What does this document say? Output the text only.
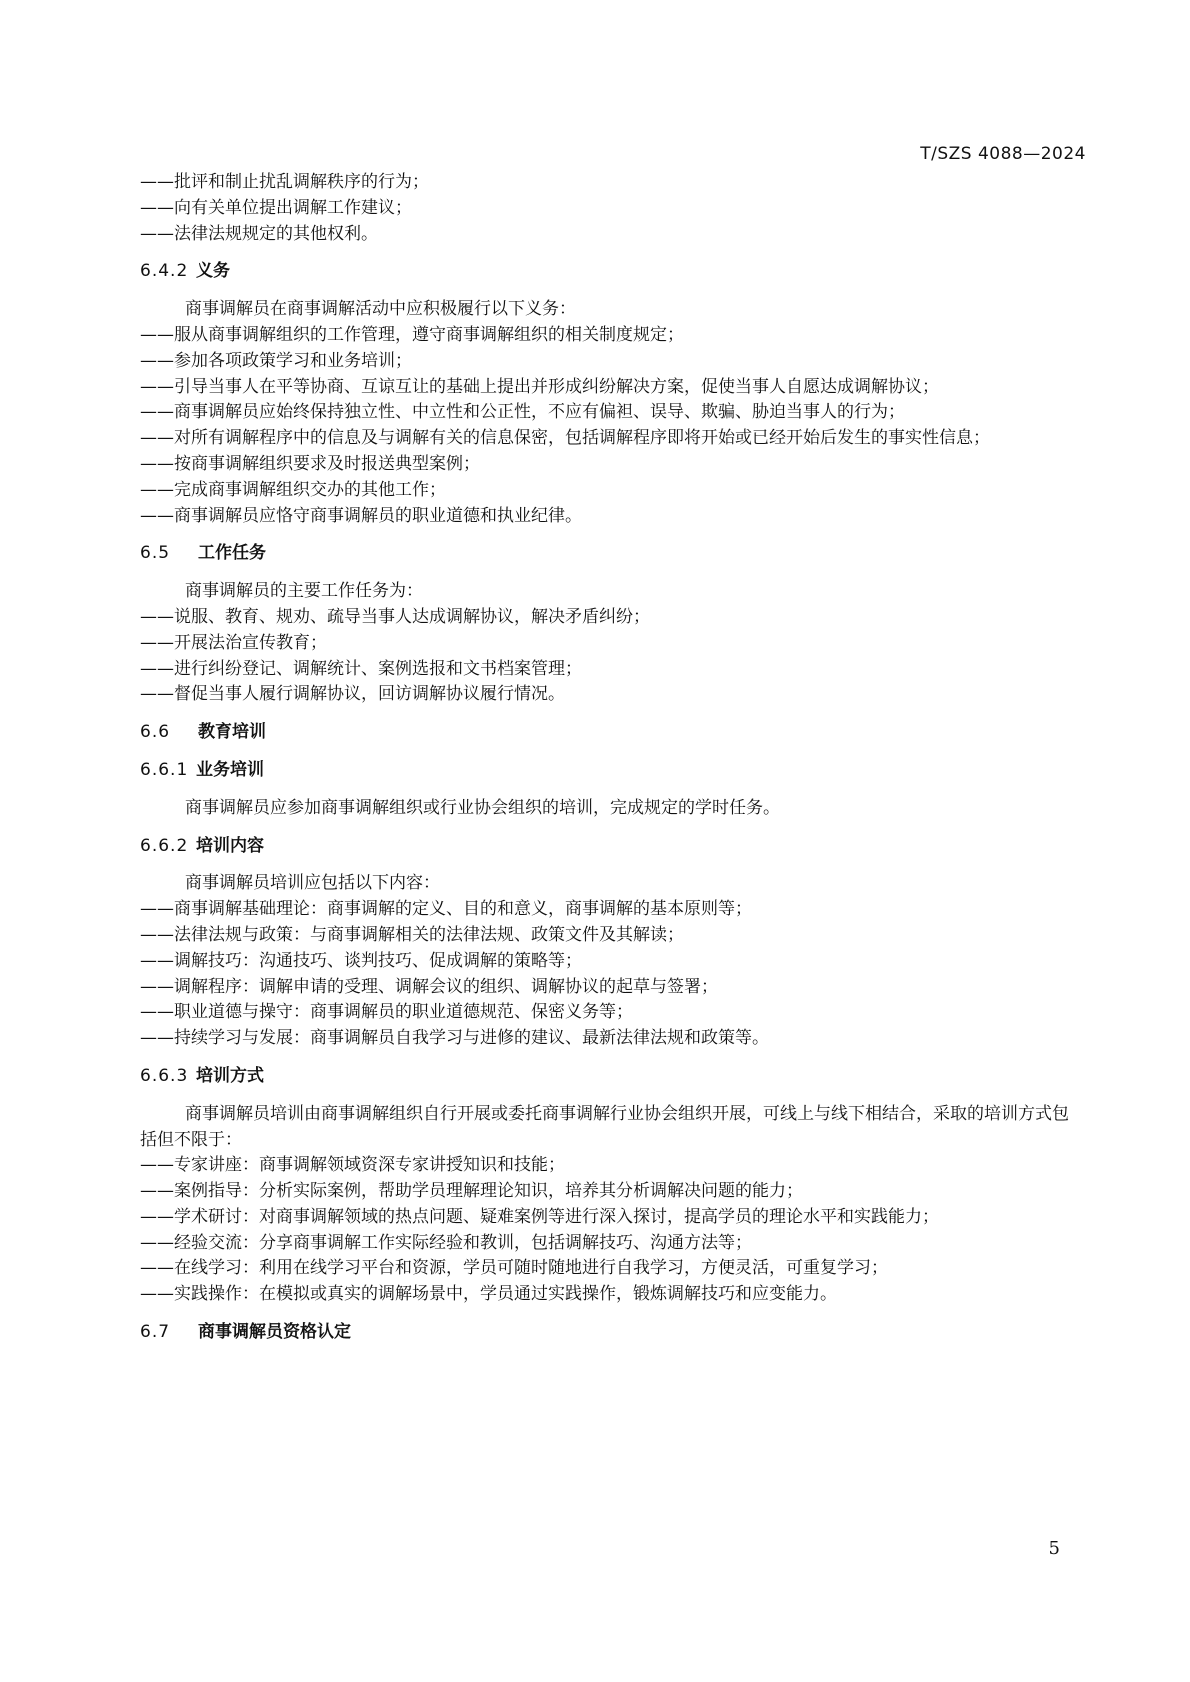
T/SZS 4088—2024
——批评和制止扰乱调解秩序的行为；
——向有关单位提出调解工作建议；
——法律法规规定的其他权利。
6.4.2 义务
商事调解员在商事调解活动中应积极履行以下义务：
——服从商事调解组织的工作管理，遵守商事调解组织的相关制度规定；
——参加各项政策学习和业务培训；
——引导当事人在平等协商、互谅互让的基础上提出并形成纠纷解决方案，促使当事人自愿达成调解协议；
——商事调解员应始终保持独立性、中立性和公正性，不应有偏袒、误导、欺骗、胁迫当事人的行为；
——对所有调解程序中的信息及与调解有关的信息保密，包括调解程序即将开始或已经开始后发生的事实性信息；
——按商事调解组织要求及时报送典型案例；
——完成商事调解组织交办的其他工作；
——商事调解员应恪守商事调解员的职业道德和执业纪律。
6.5 工作任务
商事调解员的主要工作任务为：
——说服、教育、规劝、疏导当事人达成调解协议，解决矛盾纠纷；
——开展法治宣传教育；
——进行纠纷登记、调解统计、案例选报和文书档案管理；
——督促当事人履行调解协议，回访调解协议履行情况。
6.6 教育培训
6.6.1 业务培训
商事调解员应参加商事调解组织或行业协会组织的培训，完成规定的学时任务。
6.6.2 培训内容
商事调解员培训应包括以下内容：
——商事调解基础理论：商事调解的定义、目的和意义，商事调解的基本原则等；
——法律法规与政策：与商事调解相关的法律法规、政策文件及其解读；
——调解技巧：沟通技巧、谈判技巧、促成调解的策略等；
——调解程序：调解申请的受理、调解会议的组织、调解协议的起草与签署；
——职业道德与操守：商事调解员的职业道德规范、保密义务等；
——持续学习与发展：商事调解员自我学习与进修的建议、最新法律法规和政策等。
6.6.3 培训方式
商事调解员培训由商事调解组织自行开展或委托商事调解行业协会组织开展，可线上与线下相结合，采取的培训方式包括但不限于：
——专家讲座：商事调解领域资深专家讲授知识和技能；
——案例指导：分析实际案例，帮助学员理解理论知识，培养其分析调解决问题的能力；
——学术研讨：对商事调解领域的热点问题、疑难案例等进行深入探讨，提高学员的理论水平和实践能力；
——经验交流：分享商事调解工作实际经验和教训，包括调解技巧、沟通方法等；
——在线学习：利用在线学习平台和资源，学员可随时随地进行自我学习，方便灵活，可重复学习；
——实践操作：在模拟或真实的调解场景中，学员通过实践操作，锻炼调解技巧和应变能力。
6.7 商事调解员资格认定
5
